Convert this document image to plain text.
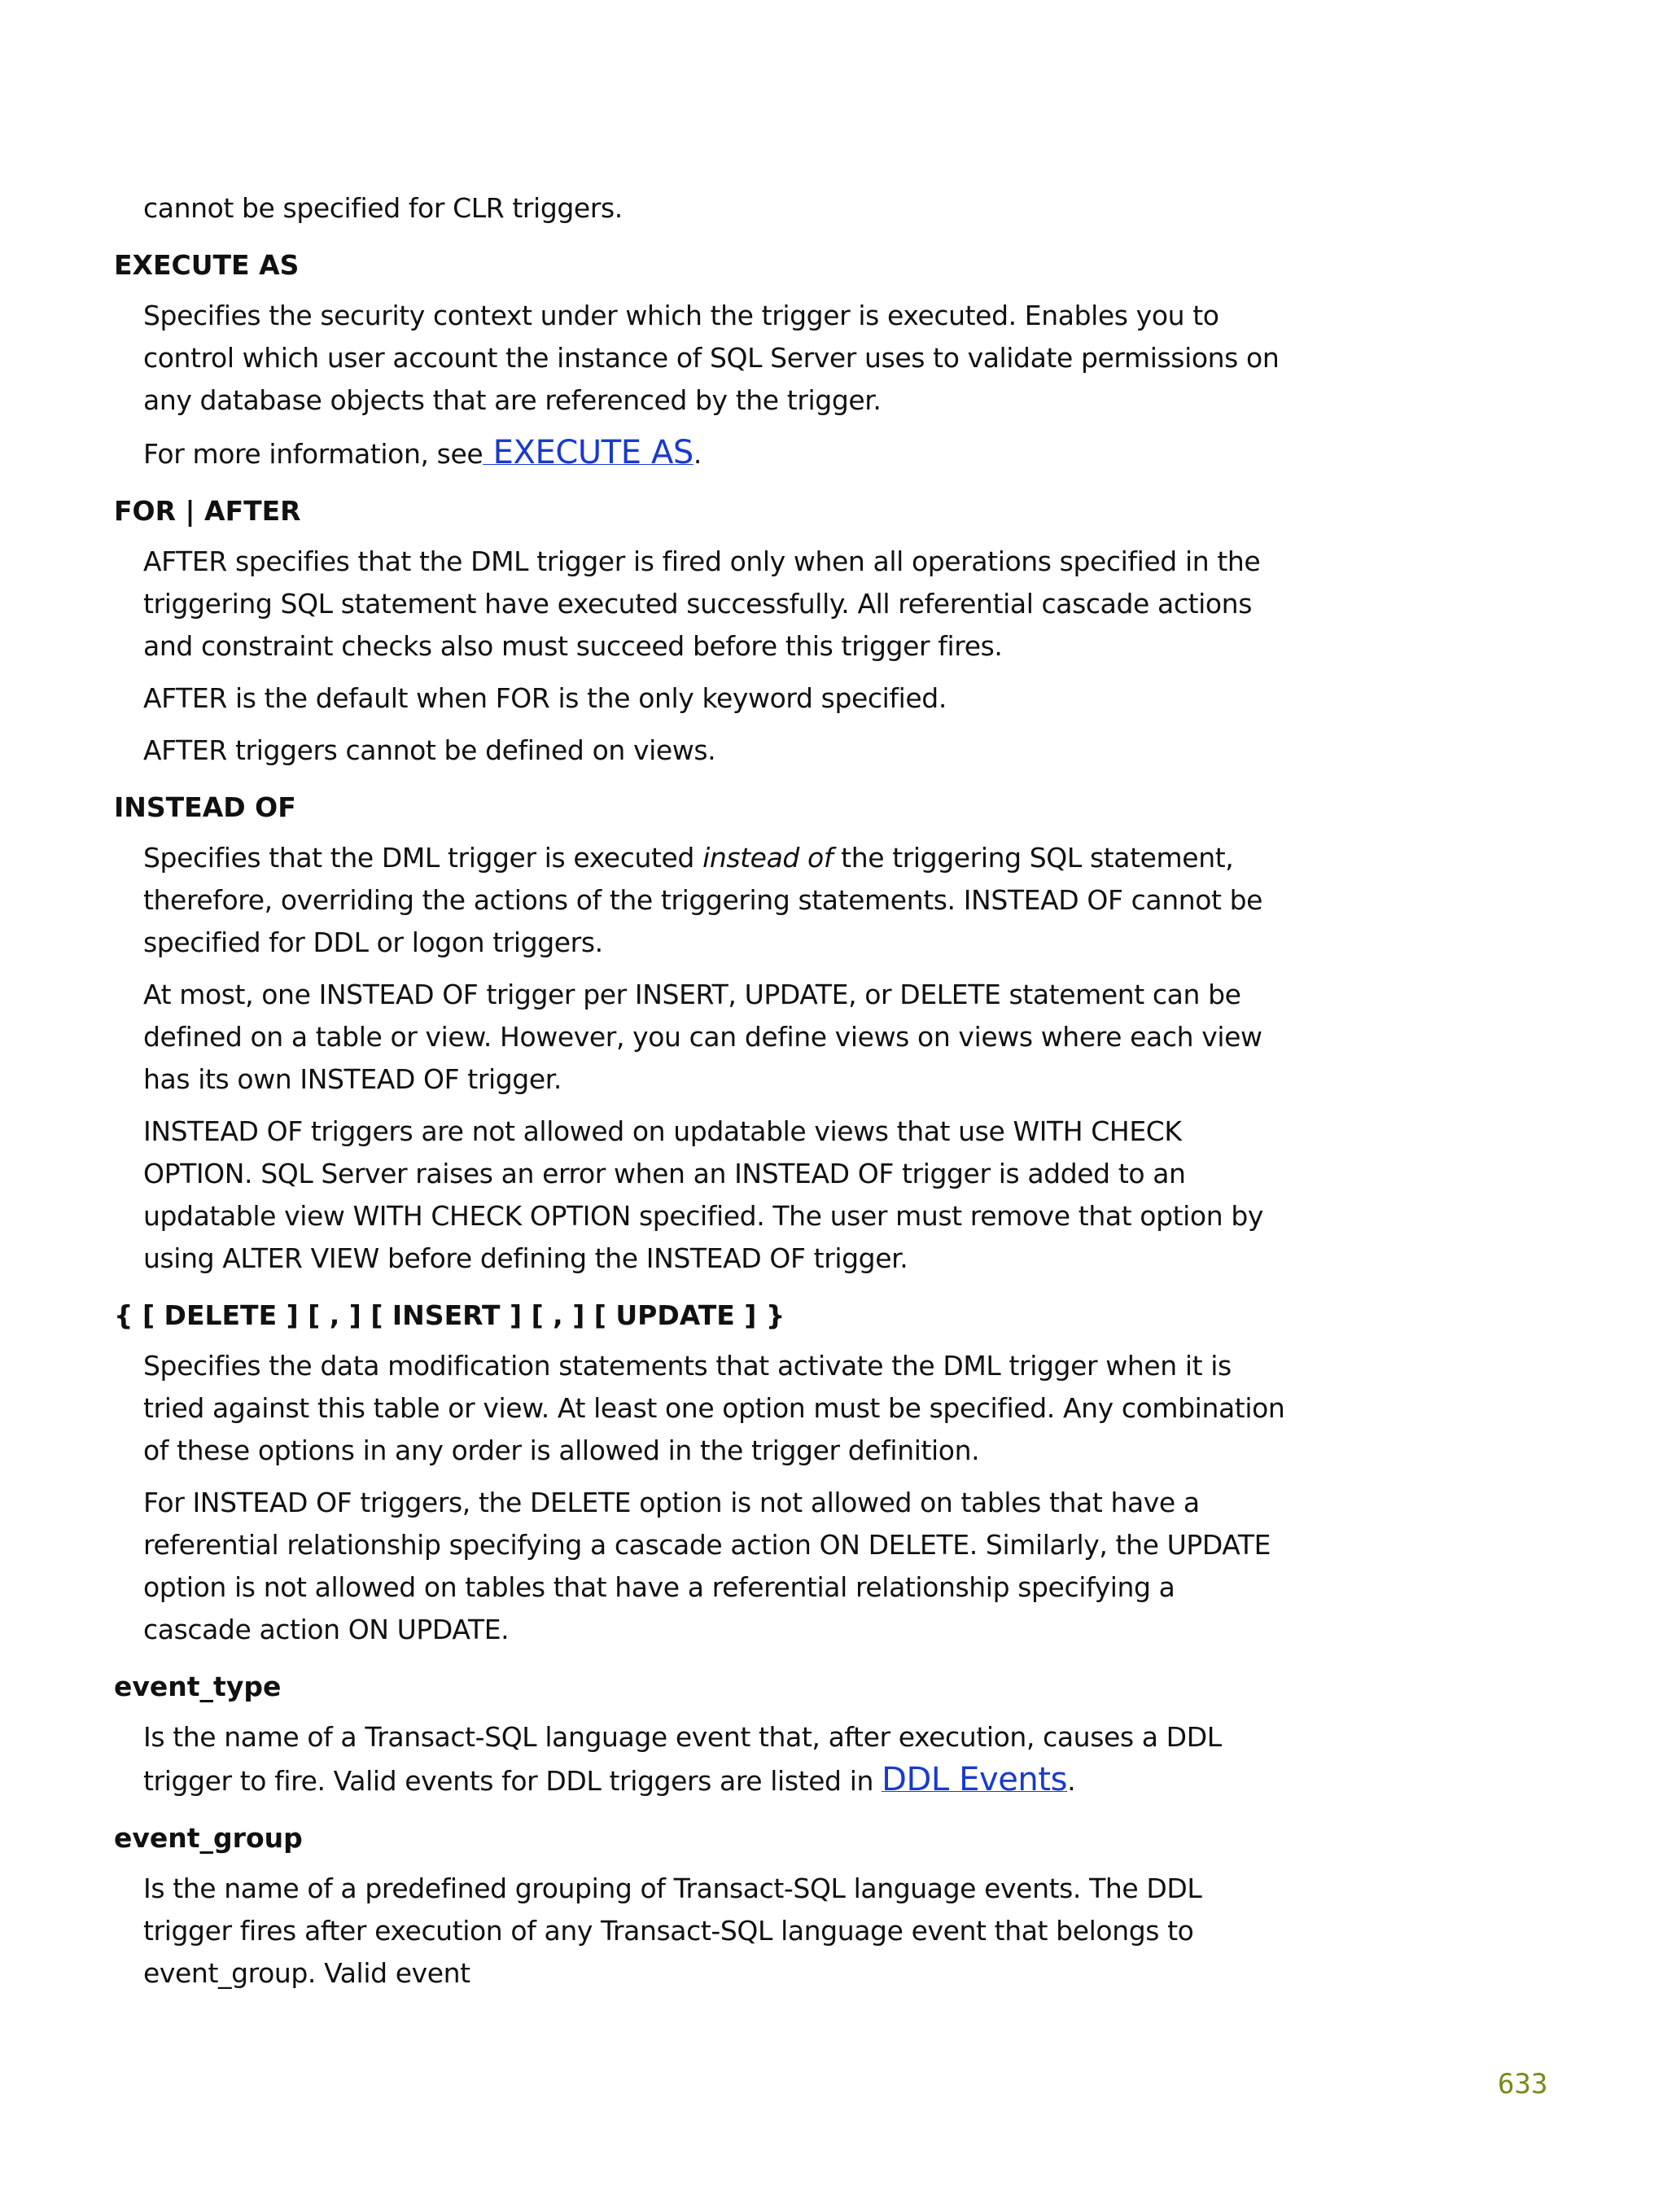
cannot be specified for CLR triggers.

EXECUTE AS

Specifies the security context under which the trigger is executed. Enables you to control which user account the instance of SQL Server uses to validate permissions on any database objects that are referenced by the trigger.

For more information, see EXECUTE AS.

FOR | AFTER

AFTER specifies that the DML trigger is fired only when all operations specified in the triggering SQL statement have executed successfully. All referential cascade actions and constraint checks also must succeed before this trigger fires.

AFTER is the default when FOR is the only keyword specified.

AFTER triggers cannot be defined on views.

INSTEAD OF

Specifies that the DML trigger is executed instead of the triggering SQL statement, therefore, overriding the actions of the triggering statements. INSTEAD OF cannot be specified for DDL or logon triggers.

At most, one INSTEAD OF trigger per INSERT, UPDATE, or DELETE statement can be defined on a table or view. However, you can define views on views where each view has its own INSTEAD OF trigger.

INSTEAD OF triggers are not allowed on updatable views that use WITH CHECK OPTION. SQL Server raises an error when an INSTEAD OF trigger is added to an updatable view WITH CHECK OPTION specified. The user must remove that option by using ALTER VIEW before defining the INSTEAD OF trigger.

{ [ DELETE ] [ , ] [ INSERT ] [ , ] [ UPDATE ] }

Specifies the data modification statements that activate the DML trigger when it is tried against this table or view. At least one option must be specified. Any combination of these options in any order is allowed in the trigger definition.

For INSTEAD OF triggers, the DELETE option is not allowed on tables that have a referential relationship specifying a cascade action ON DELETE. Similarly, the UPDATE option is not allowed on tables that have a referential relationship specifying a cascade action ON UPDATE.

event_type

Is the name of a Transact-SQL language event that, after execution, causes a DDL trigger to fire. Valid events for DDL triggers are listed in DDL Events.

event_group

Is the name of a predefined grouping of Transact-SQL language events. The DDL trigger fires after execution of any Transact-SQL language event that belongs to event_group. Valid event

633
